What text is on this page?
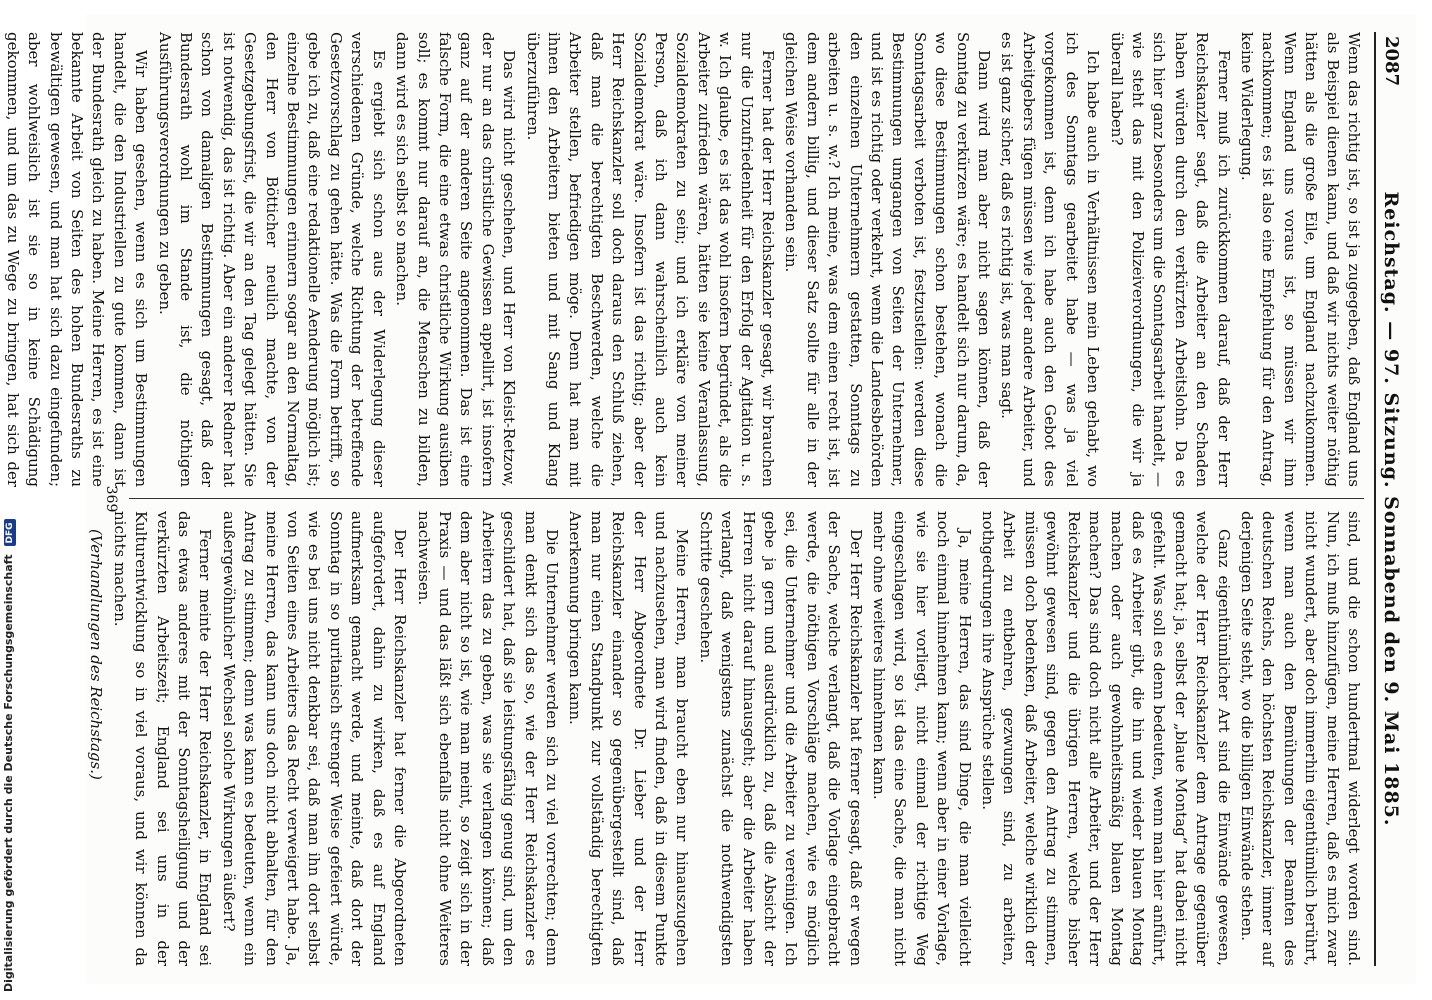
2087
Reichstag. — 97. Sitzung. Sonnabend den 9. Mai 1885.

Wenn das richtig ist, so ist ja zugegeben, daß England uns als Beispiel dienen kann, und daß wir nichts weiter nöthig hätten als die große Eile, um England nachzukommen. Wenn England uns voraus ist, so müssen wir ihm nachkommen; es ist also eine Empfehlung für den Antrag, keine Widerlegung.

Ferner muß ich zurückkommen darauf, daß der Herr Reichskanzler sagt, daß die Arbeiter an den Schaden haben würden durch den verkürzten Arbeitslohn. Da es sich hier ganz besonders um die Sonntagsarbeit handelt, — wie steht das mit den Polizeiverordnungen, die wir ja überall haben?

Ich habe auch in Verhältnissen mein Leben gehabt, wo ich des Sonntags gearbeitet habe — was ja viel vorgekommen ist, denn ich habe auch den Gebot des Arbeitgebers fügen müssen wie jeder andere Arbeiter, und es ist ganz sicher, daß es richtig ist, was man sagt.

Dann wird man aber nicht sagen können, daß der Sonntag zu verkürzen wäre; es handelt sich nur darum, da, wo diese Bestimmungen schon bestehen, wonach die Sonntagsarbeit verboten ist, festzustellen: werden diese Bestimmungen umgangen von Seiten der Unternehmer, und ist es richtig oder verkehrt, wenn die Landesbehörden den einzelnen Unternehmern gestatten, Sonntags zu arbeiten u. s. w.? Ich meine, was dem einen recht ist, ist dem andern billig, und dieser Satz sollte für alle in der gleichen Weise vorhanden sein.

Ferner hat der Herr Reichskanzler gesagt, wir brauchen nur die Unzufriedenheit für den Erfolg der Agitation u. s. w. Ich glaube, es ist das wohl insofern begründet, als die Arbeiter zufrieden wären, hätten sie keine Veranlassung, Sozialdemokraten zu sein; und ich erkläre von meiner Person, daß ich dann wahrscheinlich auch kein Sozialdemokrat wäre. Insofern ist das richtig; aber der Herr Reichskanzler soll doch daraus den Schluß ziehen, daß man die berechtigten Beschwerden, welche die Arbeiter stellen, befriedigen möge. Denn hat man mit ihnen den Arbeitern bieten und mit Sang und Klang überzuführen.

Das wird nicht geschehen, und Herr von Kleist-Retzow, der nur an das christliche Gewissen appellirt, ist insofern ganz auf der anderen Seite angenommen. Das ist eine falsche Form, die eine etwas christliche Wirkung ausüben soll; es kommt nur darauf an, die Menschen zu bilden, dann wird es sich selbst so machen.

Es ergiebt sich schon aus der Widerlegung dieser verschiedenen Gründe, welche Richtung der betreffende Gesetzvorschlag zu gehen hätte. Was die Form betrifft, so gebe ich zu, daß eine redaktionelle Aenderung möglich ist; einzelne Bestimmungen erinnern sogar an den Normaltag, den Herr von Bötticher neulich machte, von der Gesetzgebungsfrist, die wir an den Tag gelegt hätten. Sie ist notwendig, das ist richtig. Aber ein anderer Redner hat schon von damaligen Bestimmungen gesagt, daß der Bundesrath wohl im Stande ist, die nöthigen Ausführungsverordnungen zu geben.

Wir haben gesehen, wenn es sich um Bestimmungen handelt, die den Industriellen zu gute kommen, dann ist der Bundesrath gleich zu haben. Meine Herren, es ist eine bekannte Arbeit von Seiten des hohen Bundesraths zu bewältigen gewesen, und man hat sich dazu eingefunden; aber wohlweislich ist sie so in keine Schädigung gekommen, und um das zu Wege zu bringen, hat sich der

sind, und die schon hundertmal widerlegt worden sind. Nun, ich muß hinzufügen, meine Herren, daß es mich zwar nicht wundert, aber doch immerhin eigenthümlich berührt, wenn man auch den Bemühungen der Beamten des deutschen Reichs, den höchsten Reichskanzler, immer auf derjenigen Seite steht, wo die billigen Einwände stehen.

Ganz eigenthümlicher Art sind die Einwände gewesen, welche der Herr Reichskanzler dem Antrage gegenüber gemacht hat; ja, selbst der „blaue Montag“ hat dabei nicht gefehlt. Was soll es denn bedeuten, wenn man hier anführt, daß es Arbeiter gibt, die hin und wieder blauen Montag machen oder auch gewohnheitsmäßig blauen Montag machen? Das sind doch nicht alle Arbeiter, und der Herr Reichskanzler und die übrigen Herren, welche bisher gewöhnt gewesen sind, gegen den Antrag zu stimmen, müssen doch bedenken, daß Arbeiter, welche wirklich der Arbeit zu entbehren, gezwungen sind, zu arbeiten, nothgedrungen ihre Ansprüche stellen.

Ja, meine Herren, das sind Dinge, die man vielleicht noch einmal hinnehmen kann; wenn aber in einer Vorlage, wie sie hier vorliegt, nicht einmal der richtige Weg eingeschlagen wird, so ist das eine Sache, die man nicht mehr ohne weiteres hinnehmen kann.

Der Herr Reichskanzler hat ferner gesagt, daß er wegen der Sache, welche verlangt, daß die Vorlage eingebracht werde, die nöthigen Vorschläge machen, wie es möglich sei, die Unternehmer und die Arbeiter zu vereinigen. Ich gebe ja gern und ausdrücklich zu, daß die Absicht der Herren nicht darauf hinausgeht; aber die Arbeiter haben verlangt, daß wenigstens zunächst die nothwendigsten Schritte geschehen.

Meine Herren, man braucht eben nur hinauszugehen und nachzusehen, man wird finden, daß in diesem Punkte der Herr Abgeordnete Dr. Lieber und der Herr Reichskanzler einander so gegenübergestellt sind, daß man nur einen Standpunkt zur vollständig berechtigten Anerkennung bringen kann.

Die Unternehmer werden sich zu viel vorrechten; denn man denkt sich das so, wie der Herr Reichskanzler es geschildert hat, daß sie leistungsfähig genug sind, um den Arbeitern das zu geben, was sie verlangen können; daß dem aber nicht so ist, wie man meint, so zeigt sich in der Praxis — und das läßt sich ebenfalls nicht ohne Weiteres nachweisen.

Der Herr Reichskanzler hat ferner die Abgeordneten aufgefordert, dahin zu wirken, daß es auf England aufmerksam gemacht werde, und meinte, daß dort der Sonntag in so puritanisch strenger Weise gefeiert würde, wie es bei uns nicht denkbar sei, daß man ihn dort selbst von Seiten eines Arbeiters das Recht verweigert habe. Ja, meine Herren, das kann uns doch nicht abhalten, für den Antrag zu stimmen; denn was kann es bedeuten, wenn ein außergewöhnlicher Wechsel solche Wirkungen äußert?

Ferner meinte der Herr Reichskanzler, in England sei das etwas anderes mit der Sonntagsheiligung und der verkürzten Arbeitszeit; England sei uns in der Kulturentwicklung so in viel voraus, und wir können da nichts machen.

(Verhandlungen des Reichstags.)

369
Digitalisierung gefördert durch die Deutsche Forschungsgemeinschaft DFG
